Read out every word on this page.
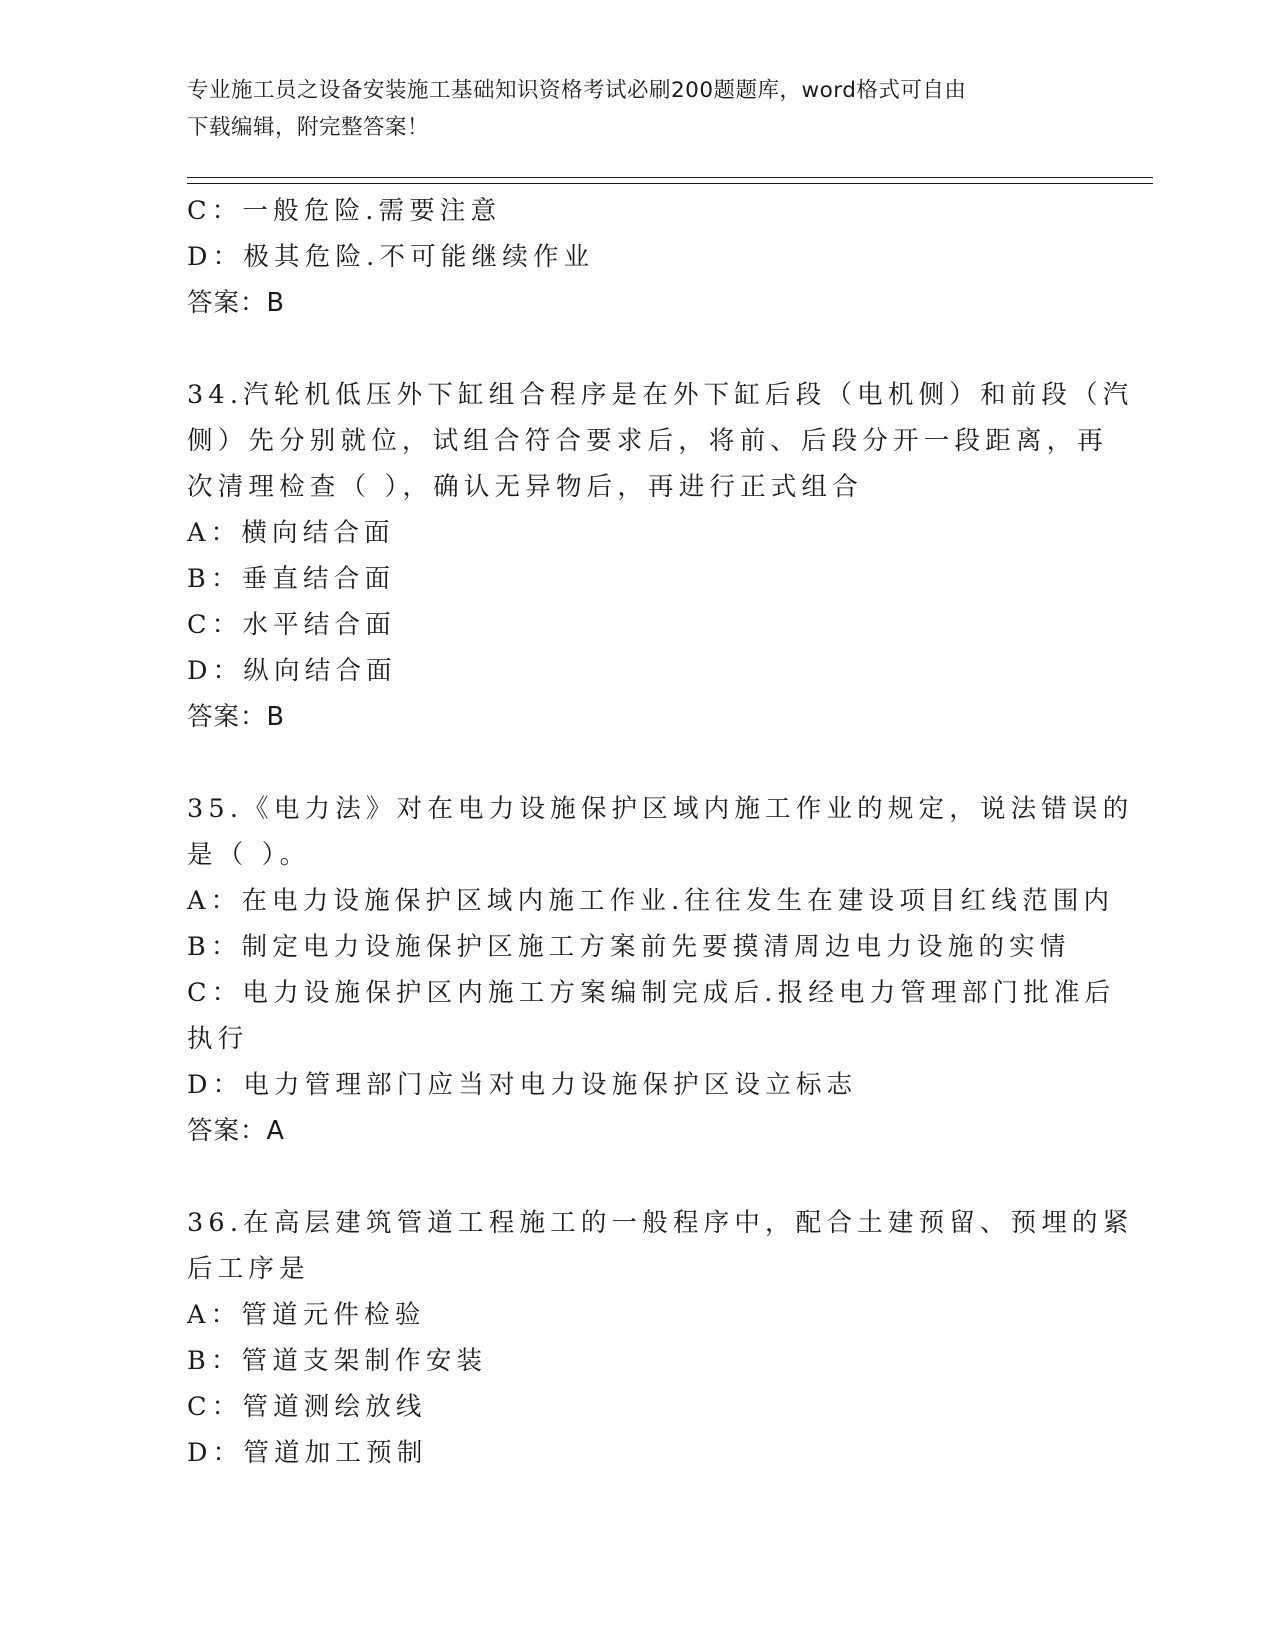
专业施工员之设备安装施工基础知识资格考试必刷200题题库，word格式可自由
下载编辑，附完整答案！
C：一般危险.需要注意
D：极其危险.不可能继续作业
答案：B
34.汽轮机低压外下缸组合程序是在外下缸后段（电机侧）和前段（汽
侧）先分别就位，试组合符合要求后，将前、后段分开一段距离，再
次清理检查（ ），确认无异物后，再进行正式组合
A：横向结合面
B：垂直结合面
C：水平结合面
D：纵向结合面
答案：B
35.《电力法》对在电力设施保护区域内施工作业的规定，说法错误的
是（ ）。
A：在电力设施保护区域内施工作业.往往发生在建设项目红线范围内
B：制定电力设施保护区施工方案前先要摸清周边电力设施的实情
C：电力设施保护区内施工方案编制完成后.报经电力管理部门批准后
执行
D：电力管理部门应当对电力设施保护区设立标志
答案：A
36.在高层建筑管道工程施工的一般程序中，配合土建预留、预埋的紧
后工序是
A：管道元件检验
B：管道支架制作安装
C：管道测绘放线
D：管道加工预制
